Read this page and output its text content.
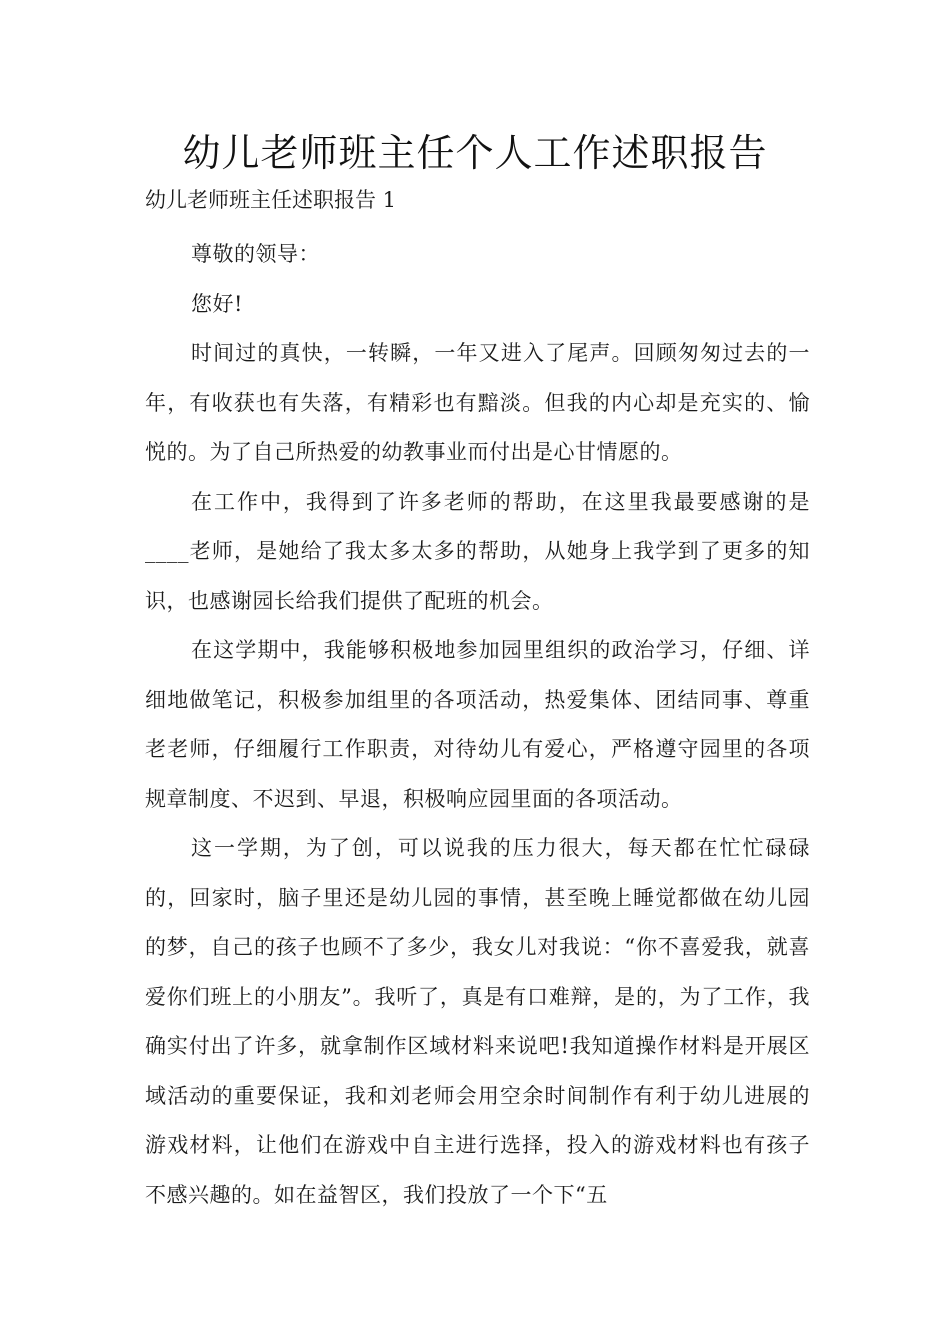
幼儿老师班主任个人工作述职报告

幼儿老师班主任述职报告 1

尊敬的领导：

您好!

时间过的真快，一转瞬，一年又进入了尾声。回顾匆匆过去的一年，有收获也有失落，有精彩也有黯淡。但我的内心却是充实的、愉悦的。为了自己所热爱的幼教事业而付出是心甘情愿的。

在工作中，我得到了许多老师的帮助，在这里我最要感谢的是____老师，是她给了我太多太多的帮助，从她身上我学到了更多的知识，也感谢园长给我们提供了配班的机会。

在这学期中，我能够积极地参加园里组织的政治学习，仔细、详细地做笔记，积极参加组里的各项活动，热爱集体、团结同事、尊重老老师，仔细履行工作职责，对待幼儿有爱心，严格遵守园里的各项规章制度、不迟到、早退，积极响应园里面的各项活动。

这一学期，为了创，可以说我的压力很大，每天都在忙忙碌碌的，回家时，脑子里还是幼儿园的事情，甚至晚上睡觉都做在幼儿园的梦，自己的孩子也顾不了多少，我女儿对我说：“你不喜爱我，就喜爱你们班上的小朋友”。我听了，真是有口难辩，是的，为了工作，我确实付出了许多，就拿制作区域材料来说吧!我知道操作材料是开展区域活动的重要保证，我和刘老师会用空余时间制作有利于幼儿进展的游戏材料，让他们在游戏中自主进行选择，投入的游戏材料也有孩子不感兴趣的。如在益智区，我们投放了一个下“五
